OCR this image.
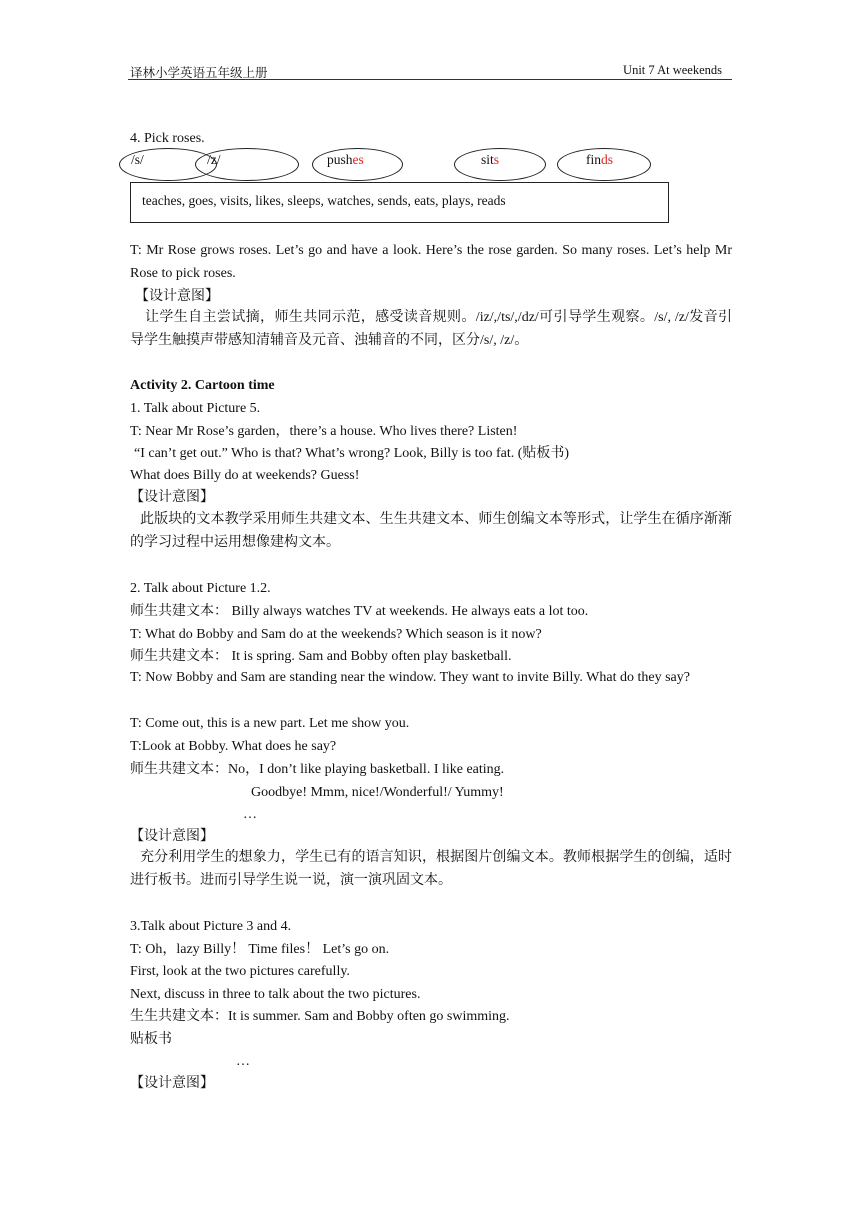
译林小学英语五年级上册	Unit 7 At weekends
4. Pick roses.
/s/	/z/	pushes	sits	finds
teaches, goes, visits, likes, sleeps, watches, sends, eats, plays, reads
T: Mr Rose grows roses. Let’s go and have a look. Here’s the rose garden. So many roses. Let’s help Mr Rose to pick roses.
【设计意图】
让学生自主尝试摘，师生共同示范，感受读音规则。/iz/,/ts/,/dz/可引导学生观察。/s/, /z/发音引导学生触摸声带感知清辅音及元音、浊辅音的不同，区分/s/, /z/。
Activity 2. Cartoon time
1. Talk about Picture 5.
T: Near Mr Rose’s garden，there’s a house. Who lives there? Listen!
“I can’t get out.” Who is that? What’s wrong? Look, Billy is too fat. (贴板书)
What does Billy do at weekends? Guess!
【设计意图】
此版块的文本教学采用师生共建文本、生生共建文本、师生创编文本等形式，让学生在循序渐渐的学习过程中运用想像建构文本。
2. Talk about Picture 1.2.
师生共建文本： Billy always watches TV at weekends. He always eats a lot too.
T: What do Bobby and Sam do at the weekends? Which season is it now?
师生共建文本： It is spring. Sam and Bobby often play basketball.
T: Now Bobby and Sam are standing near the window. They want to invite Billy. What do they say?
T: Come out, this is a new part. Let me show you.
T:Look at Bobby. What does he say?
师生共建文本：No，I don’t like playing basketball. I like eating.
Goodbye! Mmm, nice!/Wonderful!/ Yummy!
…
【设计意图】
充分利用学生的想象力，学生已有的语言知识，根据图片创编文本。教师根据学生的创编，适时进行板书。进而引导学生说一说，演一演巩固文本。
3.Talk about Picture 3 and 4.
T: Oh，lazy Billy！ Time files！ Let’s go on.
First, look at the two pictures carefully.
Next, discuss in three to talk about the two pictures.
生生共建文本：It is summer. Sam and Bobby often go swimming.
贴板书
…
【设计意图】
